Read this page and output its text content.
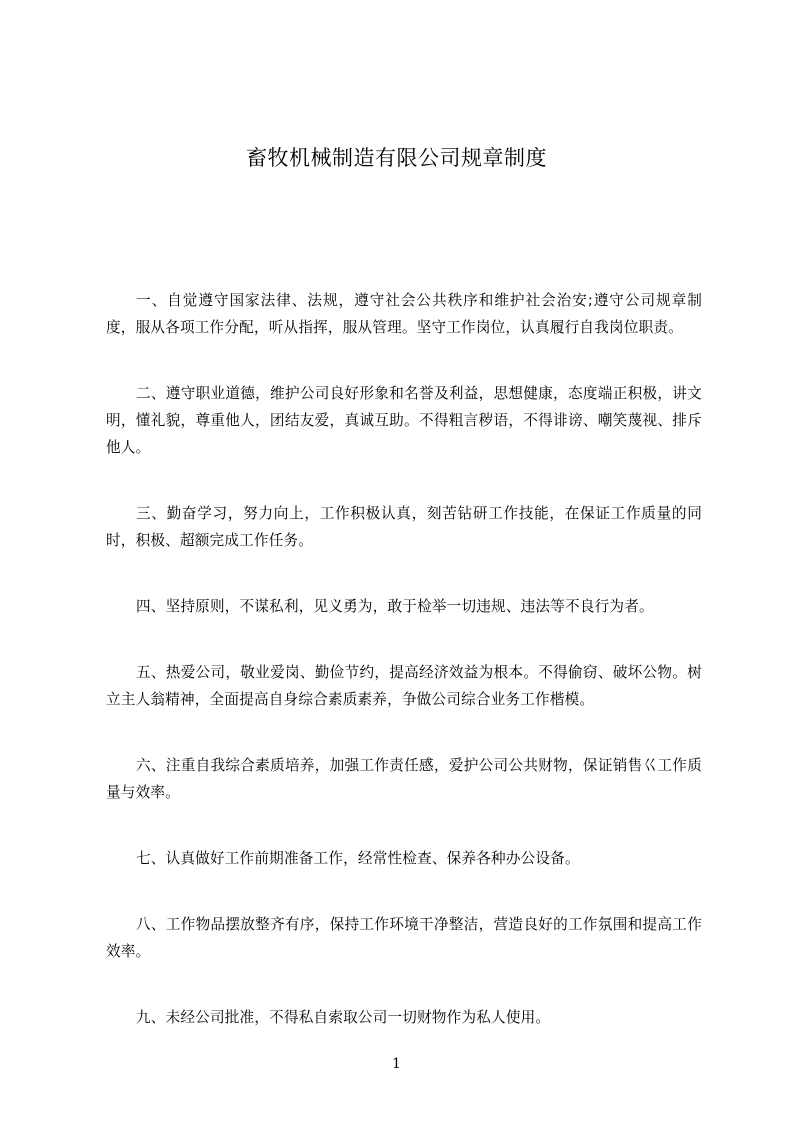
畜牧机械制造有限公司规章制度
一、自觉遵守国家法律、法规，遵守社会公共秩序和维护社会治安;遵守公司规章制度，服从各项工作分配，听从指挥，服从管理。坚守工作岗位，认真履行自我岗位职责。
二、遵守职业道德，维护公司良好形象和名誉及利益，思想健康，态度端正积极，讲文明，懂礼貌，尊重他人，团结友爱，真诚互助。不得粗言秽语，不得诽谤、嘲笑蔑视、排斥他人。
三、勤奋学习，努力向上，工作积极认真，刻苦钻研工作技能，在保证工作质量的同时，积极、超额完成工作任务。
四、坚持原则，不谋私利，见义勇为，敢于检举一切违规、违法等不良行为者。
五、热爱公司，敬业爱岗、勤俭节约，提高经济效益为根本。不得偷窃、破坏公物。树立主人翁精神，全面提高自身综合素质素养，争做公司综合业务工作楷模。
六、注重自我综合素质培养，加强工作责任感，爱护公司公共财物，保证销售巜工作质量与效率。
七、认真做好工作前期准备工作，经常性检查、保养各种办公设备。
八、工作物品摆放整齐有序，保持工作环境干净整洁，营造良好的工作氛围和提高工作效率。
九、未经公司批准，不得私自索取公司一切财物作为私人使用。
1
